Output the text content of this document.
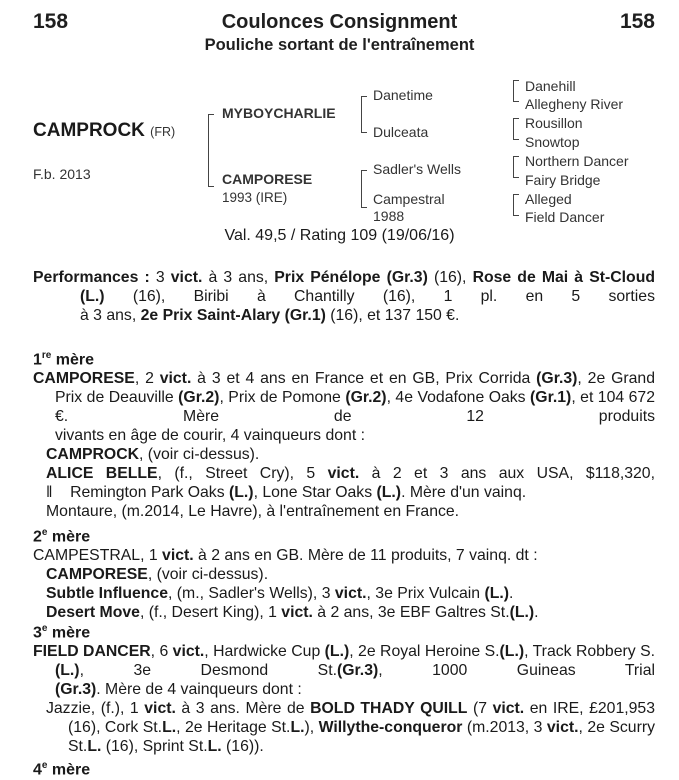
158	Coulonces Consignment	158
Pouliche sortant de l'entraînement
CAMPROCK (FR)
F.b. 2013
MYBOYCHARLIE
CAMPORESE
1993 (IRE)
Danetime
Dulceata
Sadler's Wells
Campestral
1988
Danehill
Allegheny River
Rousillon
Snowtop
Northern Dancer
Fairy Bridge
Alleged
Field Dancer
Val. 49,5 / Rating 109 (19/06/16)

Performances : 3 vict. à 3 ans, Prix Pénélope (Gr.3) (16), Rose de Mai à St-Cloud (L.) (16), Biribi à Chantilly (16), 1 pl. en 5 sorties

à 3 ans, 2e Prix Saint-Alary (Gr.1) (16), et 137 150 €.

1re mère

CAMPORESE, 2 vict. à 3 et 4 ans en France et en GB, Prix Corrida (Gr.3), 2e Grand Prix de Deauville (Gr.2), Prix de Pomone (Gr.2), 4e Vodafone Oaks (Gr.1), et 104 672 €. Mère de 12 produits

vivants en âge de courir, 4 vainqueurs dont :

CAMPROCK, (voir ci-dessus).

ALICE BELLE, (f., Street Cry), 5 vict. à 2 et 3 ans aux USA, $118,320,

‖    Remington Park Oaks (L.), Lone Star Oaks (L.). Mère d'un vainq.

Montaure, (m.2014, Le Havre), à l'entraînement en France.

2e mère

CAMPESTRAL, 1 vict. à 2 ans en GB. Mère de 11 produits, 7 vainq. dt :

CAMPORESE, (voir ci-dessus).

Subtle Influence, (m., Sadler's Wells), 3 vict., 3e Prix Vulcain (L.).

Desert Move, (f., Desert King), 1 vict. à 2 ans, 3e EBF Galtres St.(L.).

3e mère

FIELD DANCER, 6 vict., Hardwicke Cup (L.), 2e Royal Heroine S.(L.), Track Robbery S.(L.), 3e Desmond St.(Gr.3), 1000 Guineas Trial

(Gr.3). Mère de 4 vainqueurs dont :

Jazzie, (f.), 1 vict. à 3 ans. Mère de BOLD THADY QUILL (7 vict. en IRE, £201,953 (16), Cork St.L., 2e Heritage St.L.), Willythe-conqueror (m.2013, 3 vict., 2e Scurry St.L. (16), Sprint St.L. (16)).

4e mère
